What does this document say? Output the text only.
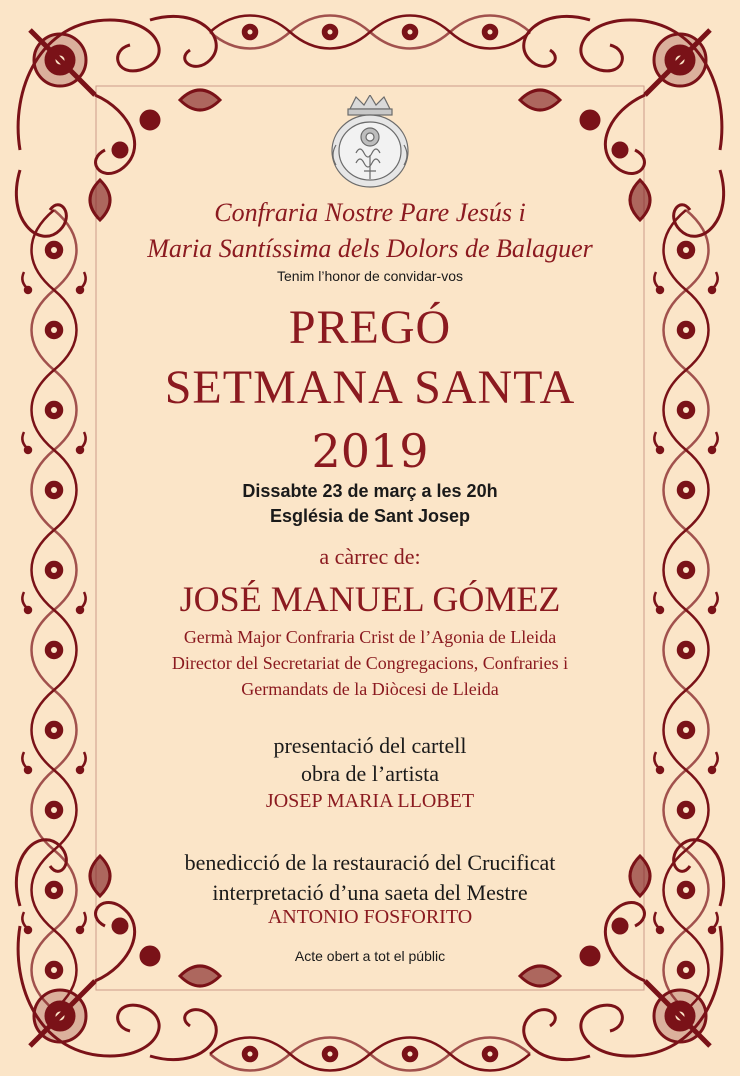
Confraria Nostre Pare Jesús i
Maria Santíssima dels Dolors de Balaguer
Tenim l’honor de convidar-vos
PREGÓ
SETMANA SANTA
2019
Dissabte 23 de març a les 20h
Església de Sant Josep
a càrrec de:
JOSÉ MANUEL GÓMEZ
Germà Major Confraria Crist de l’Agonia de Lleida
Director del Secretariat de Congregacions, Confraries i
Germandats de la Diòcesi de Lleida
presentació del cartell
obra de l’artista
JOSEP MARIA LLOBET
benedicció de la restauració del Crucificat
interpretació d’una saeta del Mestre
ANTONIO FOSFORITO
Acte obert a tot el públic
